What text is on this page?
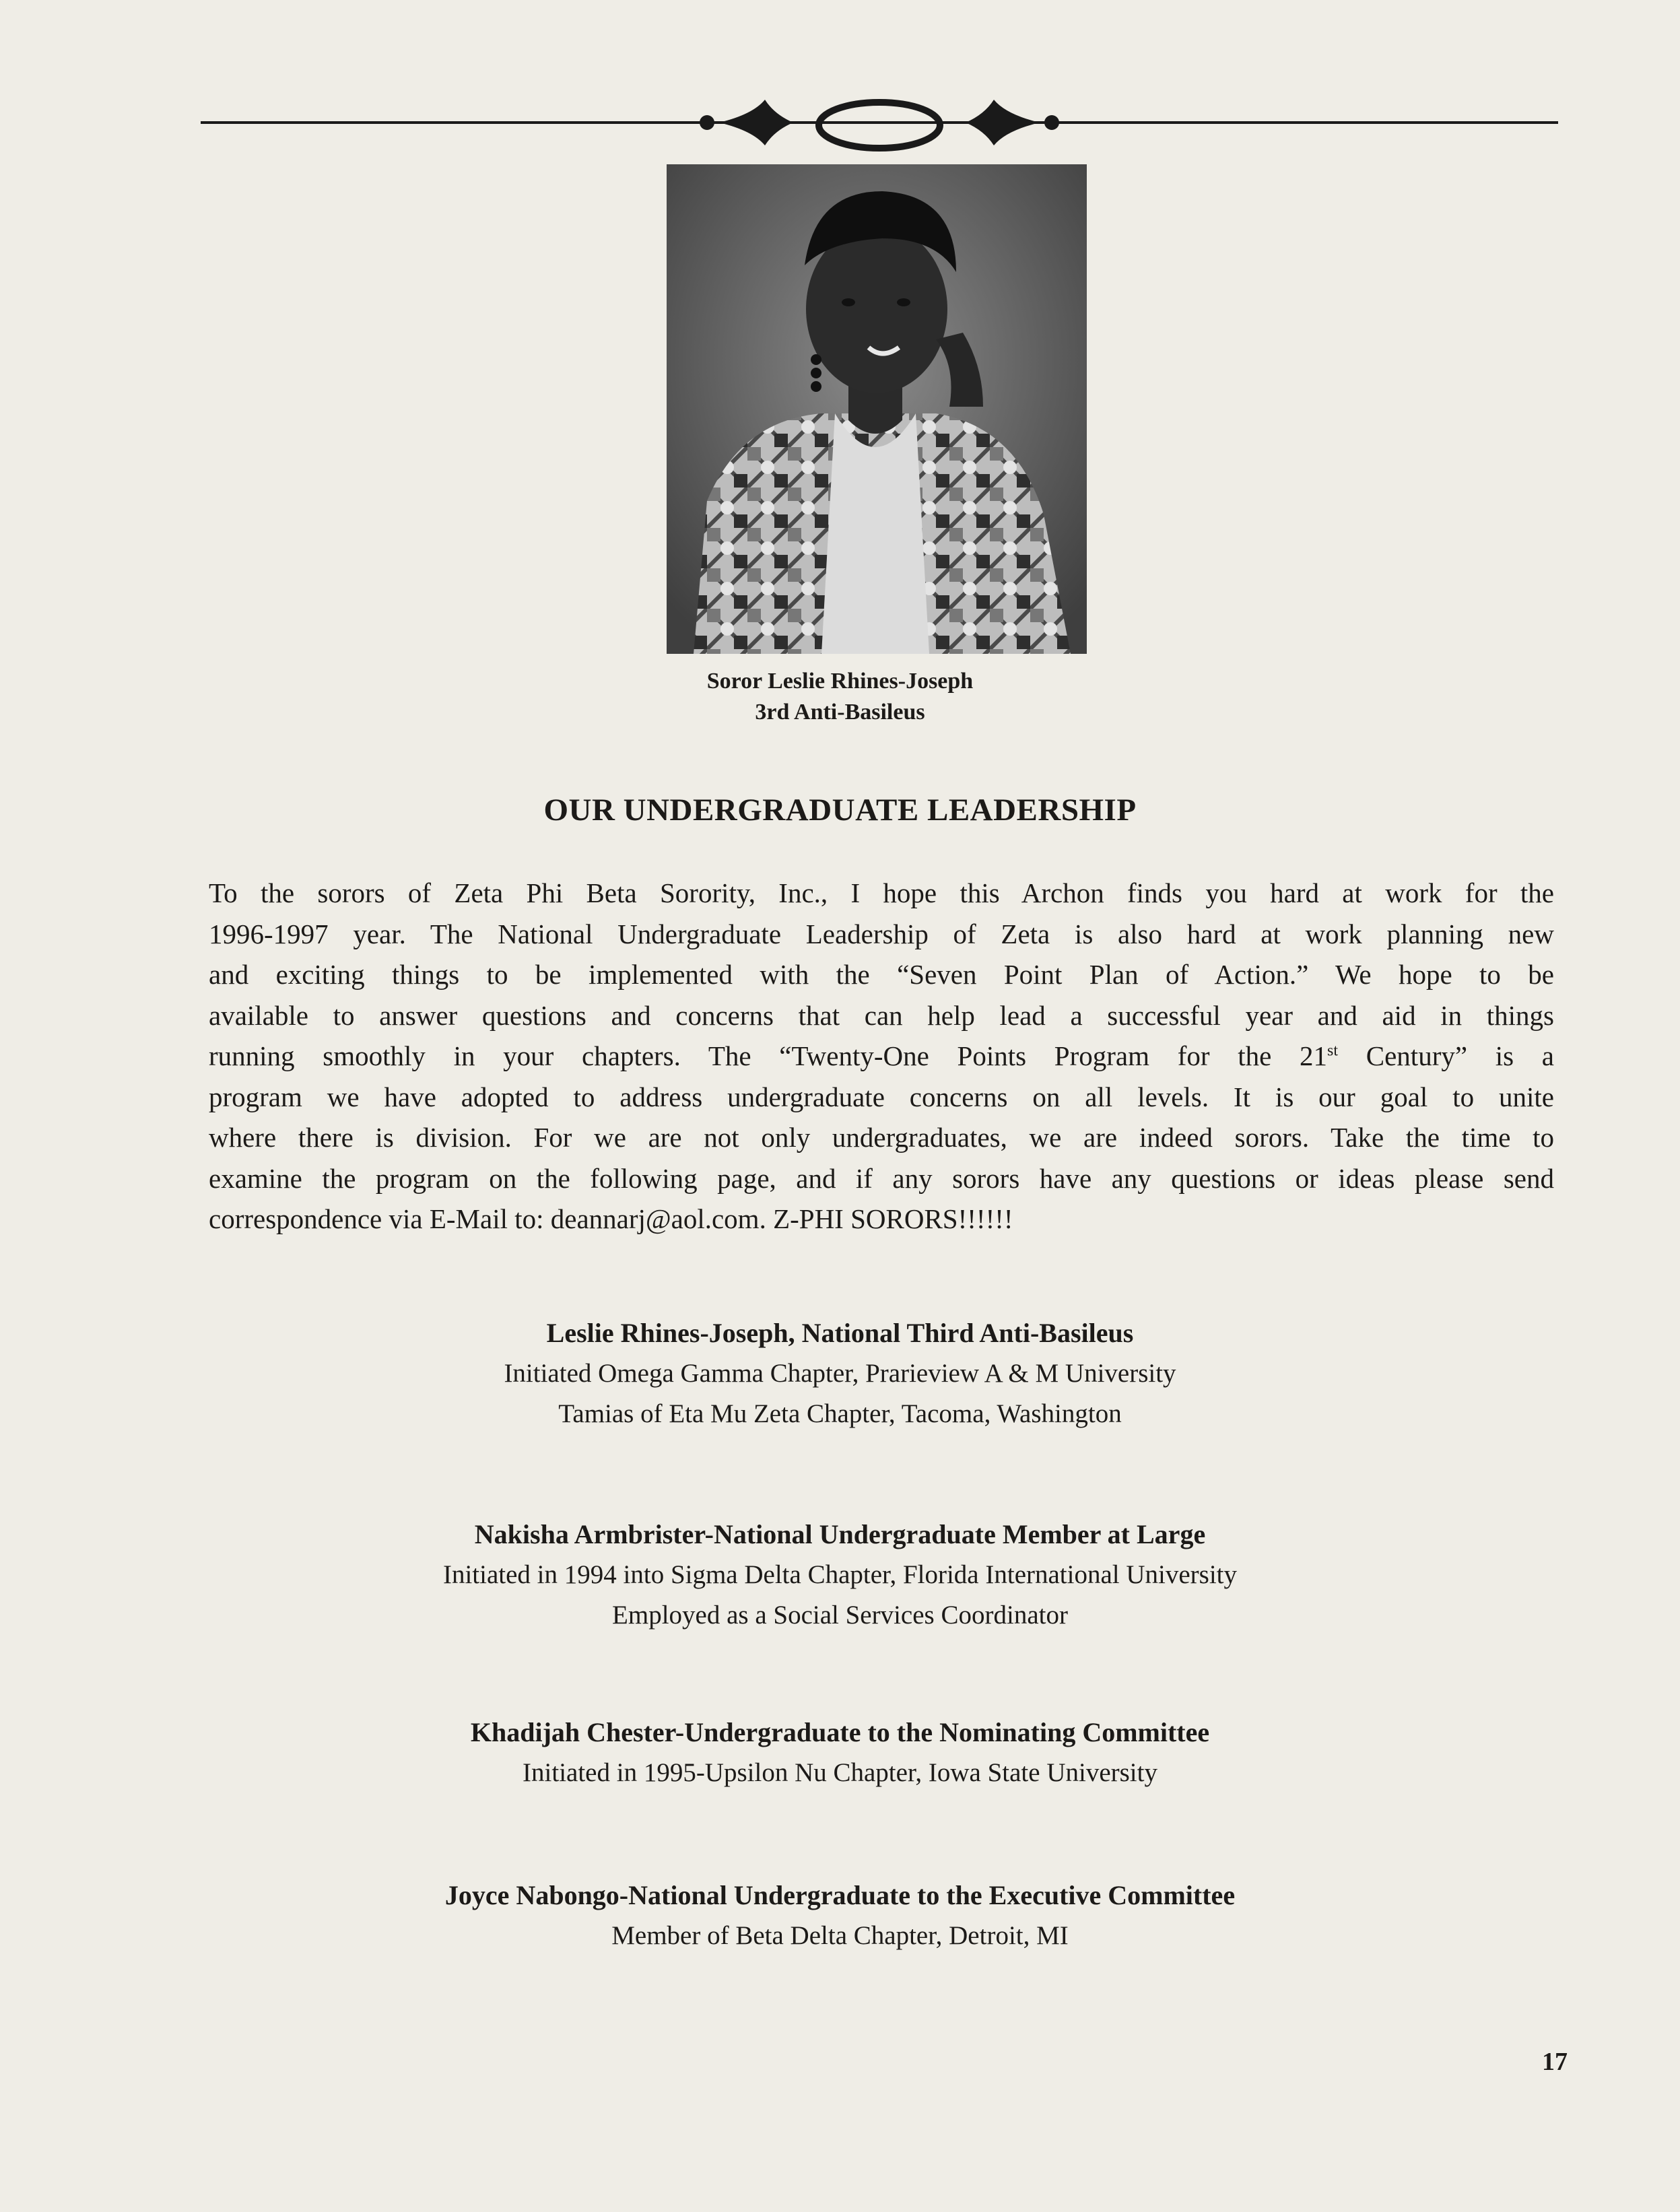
Soror Leslie Rhines-Joseph
3rd Anti-Basileus
OUR UNDERGRADUATE LEADERSHIP
To the sorors of Zeta Phi Beta Sorority, Inc., I hope this Archon finds you hard at work for the
1996-1997 year. The National Undergraduate Leadership of Zeta is also hard at work planning new
and exciting things to be implemented with the “Seven Point Plan of Action.” We hope to be
available to answer questions and concerns that can help lead a successful year and aid in things
running smoothly in your chapters. The “Twenty-One Points Program for the 21st Century” is a
program we have adopted to address undergraduate concerns on all levels. It is our goal to unite
where there is division. For we are not only undergraduates, we are indeed sorors. Take the time to
examine the program on the following page, and if any sorors have any questions or ideas please send
correspondence via E-Mail to: deannarj@aol.com. Z-PHI SORORS!!!!!!
Leslie Rhines-Joseph, National Third Anti-Basileus
Initiated Omega Gamma Chapter, Prarieview A & M University
Tamias of Eta Mu Zeta Chapter, Tacoma, Washington
Nakisha Armbrister-National Undergraduate Member at Large
Initiated in 1994 into Sigma Delta Chapter, Florida International University
Employed as a Social Services Coordinator
Khadijah Chester-Undergraduate to the Nominating Committee
Initiated in 1995-Upsilon Nu Chapter, Iowa State University
Joyce Nabongo-National Undergraduate to the Executive Committee
Member of Beta Delta Chapter, Detroit, MI
17
